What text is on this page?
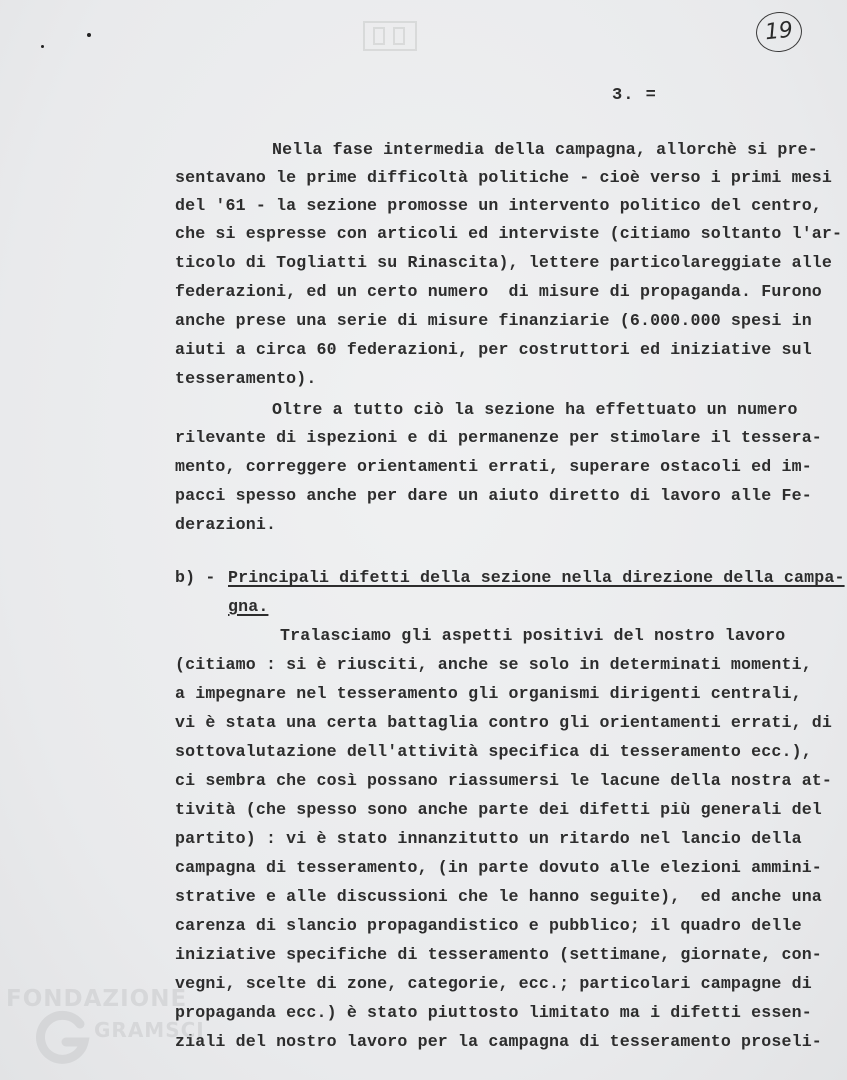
19
3. =
Nella fase intermedia della campagna, allorchè si pre-
sentavano le prime difficoltà politiche - cioè verso i primi mesi
del '61 - la sezione promosse un intervento politico del centro,
che si espresse con articoli ed interviste (citiamo soltanto l'ar-
ticolo di Togliatti su Rinascita), lettere particolareggiate alle
federazioni, ed un certo numero  di misure di propaganda. Furono
anche prese una serie di misure finanziarie (6.000.000 spesi in
aiuti a circa 60 federazioni, per costruttori ed iniziative sul
tesseramento).
Oltre a tutto ciò la sezione ha effettuato un numero
rilevante di ispezioni e di permanenze per stimolare il tessera-
mento, correggere orientamenti errati, superare ostacoli ed im-
pacci spesso anche per dare un aiuto diretto di lavoro alle Fe-
derazioni.
b) - Principali difetti della sezione nella direzione della campa-
gna.
Tralasciamo gli aspetti positivi del nostro lavoro
(citiamo : si è riusciti, anche se solo in determinati momenti,
a impegnare nel tesseramento gli organismi dirigenti centrali,
vi è stata una certa battaglia contro gli orientamenti errati, di
sottovalutazione dell'attività specifica di tesseramento ecc.),
ci sembra che così possano riassumersi le lacune della nostra at-
tività (che spesso sono anche parte dei difetti più generali del
partito) : vi è stato innanzitutto un ritardo nel lancio della
campagna di tesseramento, (in parte dovuto alle elezioni ammini-
strative e alle discussioni che le hanno seguite),  ed anche una
carenza di slancio propagandistico e pubblico; il quadro delle
iniziative specifiche di tesseramento (settimane, giornate, con-
vegni, scelte di zone, categorie, ecc.; particolari campagne di
propaganda ecc.) è stato piuttosto limitato ma i difetti essen-
ziali del nostro lavoro per la campagna di tesseramento proseli-
FONDAZIONE
GRAMSCI
